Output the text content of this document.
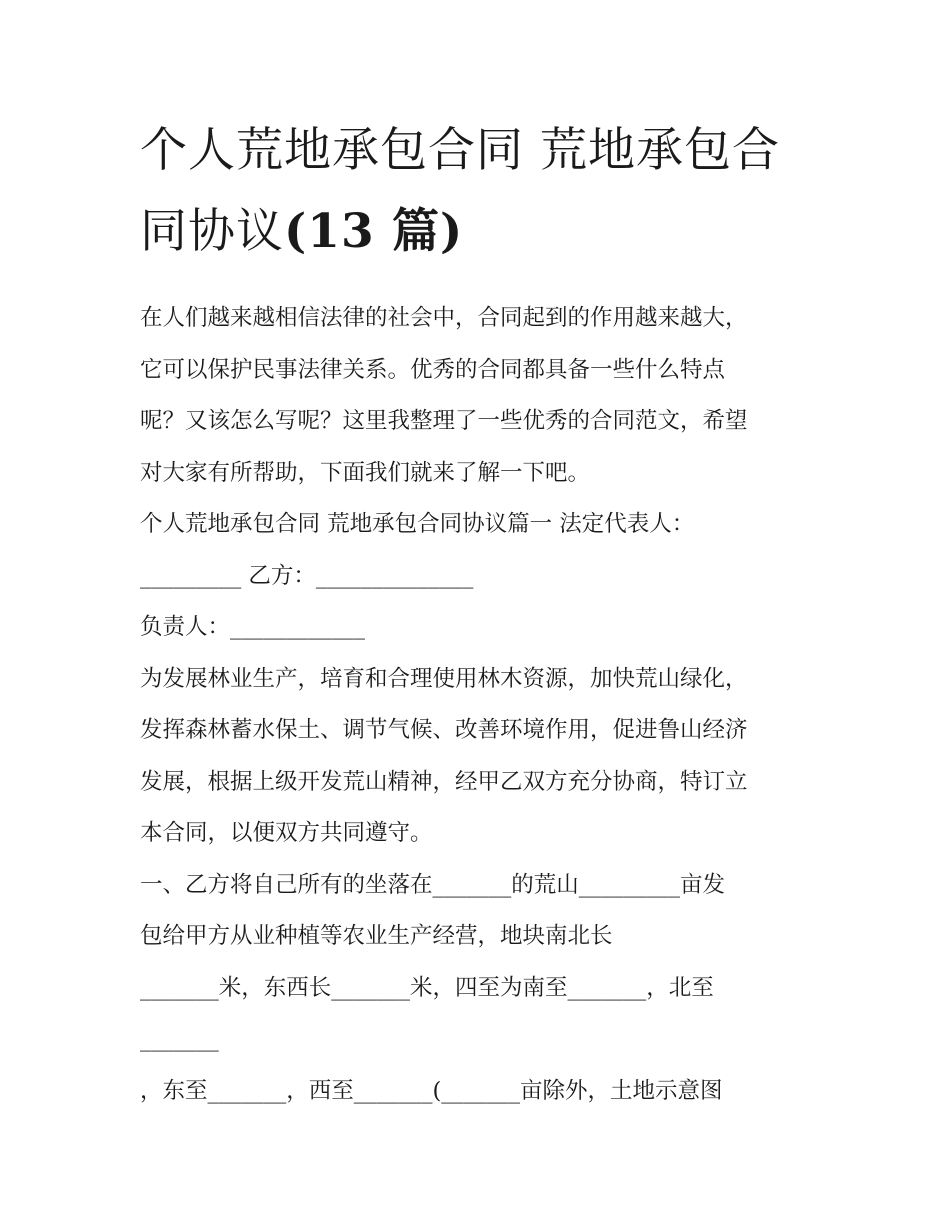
个人荒地承包合同 荒地承包合
同协议(13 篇)
在人们越来越相信法律的社会中，合同起到的作用越来越大，
它可以保护民事法律关系。优秀的合同都具备一些什么特点
呢？又该怎么写呢？这里我整理了一些优秀的合同范文，希望
对大家有所帮助，下面我们就来了解一下吧。
个人荒地承包合同 荒地承包合同协议篇一 法定代表人：
_________ 乙方：______________
负责人：____________
为发展林业生产，培育和合理使用林木资源，加快荒山绿化，
发挥森林蓄水保土、调节气候、改善环境作用，促进鲁山经济
发展，根据上级开发荒山精神，经甲乙双方充分协商，特订立
本合同，以便双方共同遵守。
一、乙方将自己所有的坐落在_______的荒山_________亩发
包给甲方从业种植等农业生产经营，地块南北长
_______米，东西长_______米，四至为南至_______，北至
_______
，东至_______，西至_______(_______亩除外，土地示意图
